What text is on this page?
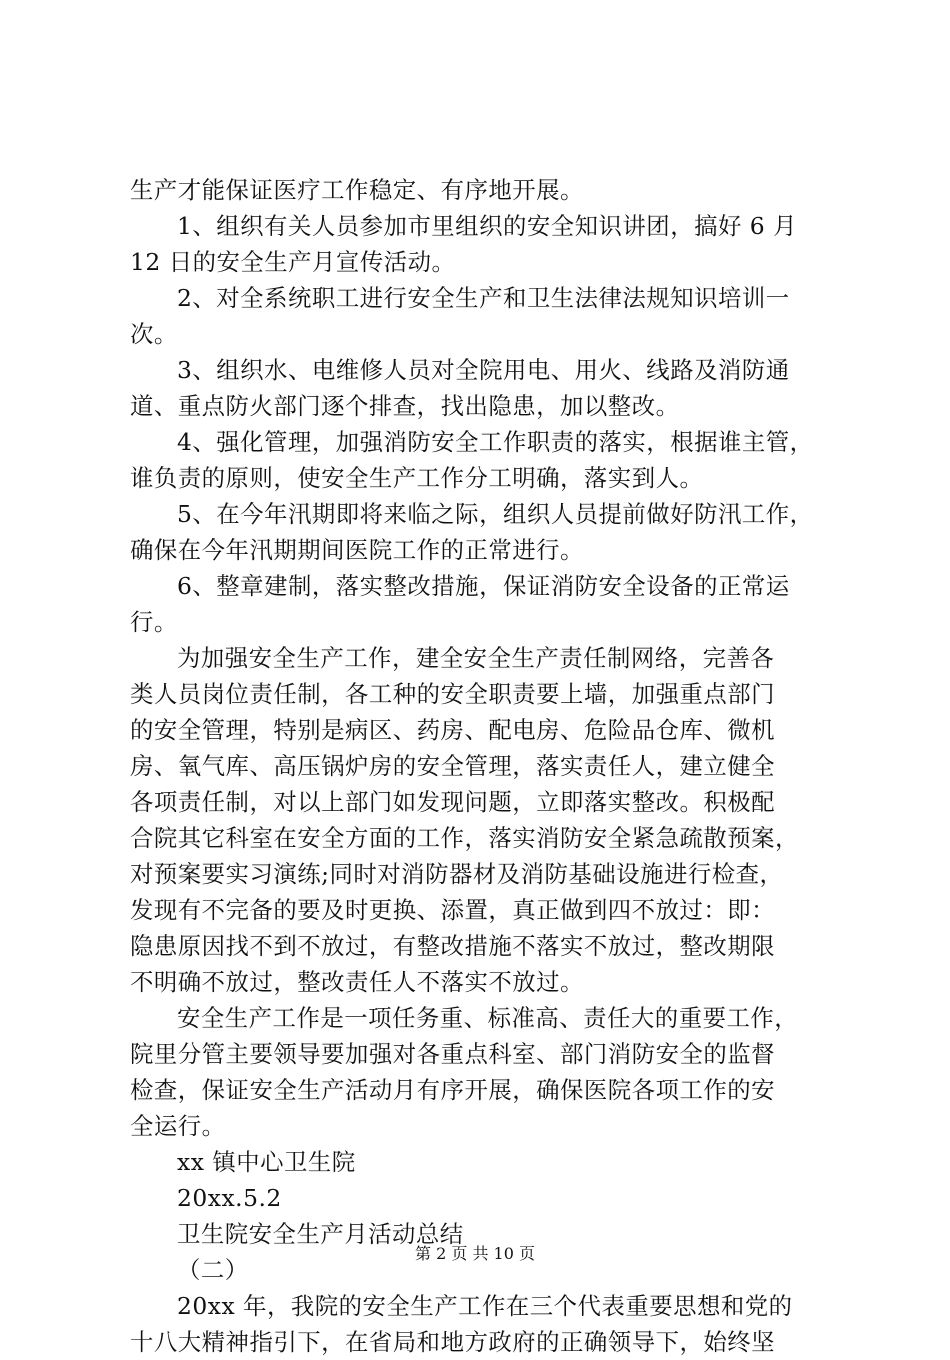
生产才能保证医疗工作稳定、有序地开展。
1、组织有关人员参加市里组织的安全知识讲团，搞好 6 月
12 日的安全生产月宣传活动。
2、对全系统职工进行安全生产和卫生法律法规知识培训一
次。
3、组织水、电维修人员对全院用电、用火、线路及消防通
道、重点防火部门逐个排查，找出隐患，加以整改。
4、强化管理，加强消防安全工作职责的落实，根据谁主管，
谁负责的原则，使安全生产工作分工明确，落实到人。
5、在今年汛期即将来临之际，组织人员提前做好防汛工作，
确保在今年汛期期间医院工作的正常进行。
6、整章建制，落实整改措施，保证消防安全设备的正常运
行。
为加强安全生产工作，建全安全生产责任制网络，完善各
类人员岗位责任制，各工种的安全职责要上墙，加强重点部门
的安全管理，特别是病区、药房、配电房、危险品仓库、微机
房、氧气库、高压锅炉房的安全管理，落实责任人，建立健全
各项责任制，对以上部门如发现问题，立即落实整改。积极配
合院其它科室在安全方面的工作，落实消防安全紧急疏散预案，
对预案要实习演练;同时对消防器材及消防基础设施进行检查，
发现有不完备的要及时更换、添置，真正做到四不放过：即：
隐患原因找不到不放过，有整改措施不落实不放过，整改期限
不明确不放过，整改责任人不落实不放过。
安全生产工作是一项任务重、标准高、责任大的重要工作，
院里分管主要领导要加强对各重点科室、部门消防安全的监督
检查，保证安全生产活动月有序开展，确保医院各项工作的安
全运行。
xx 镇中心卫生院
20xx.5.2
卫生院安全生产月活动总结
（二）
20xx 年，我院的安全生产工作在三个代表重要思想和党的
十八大精神指引下，在省局和地方政府的正确领导下，始终坚
第 2 页 共 10 页
